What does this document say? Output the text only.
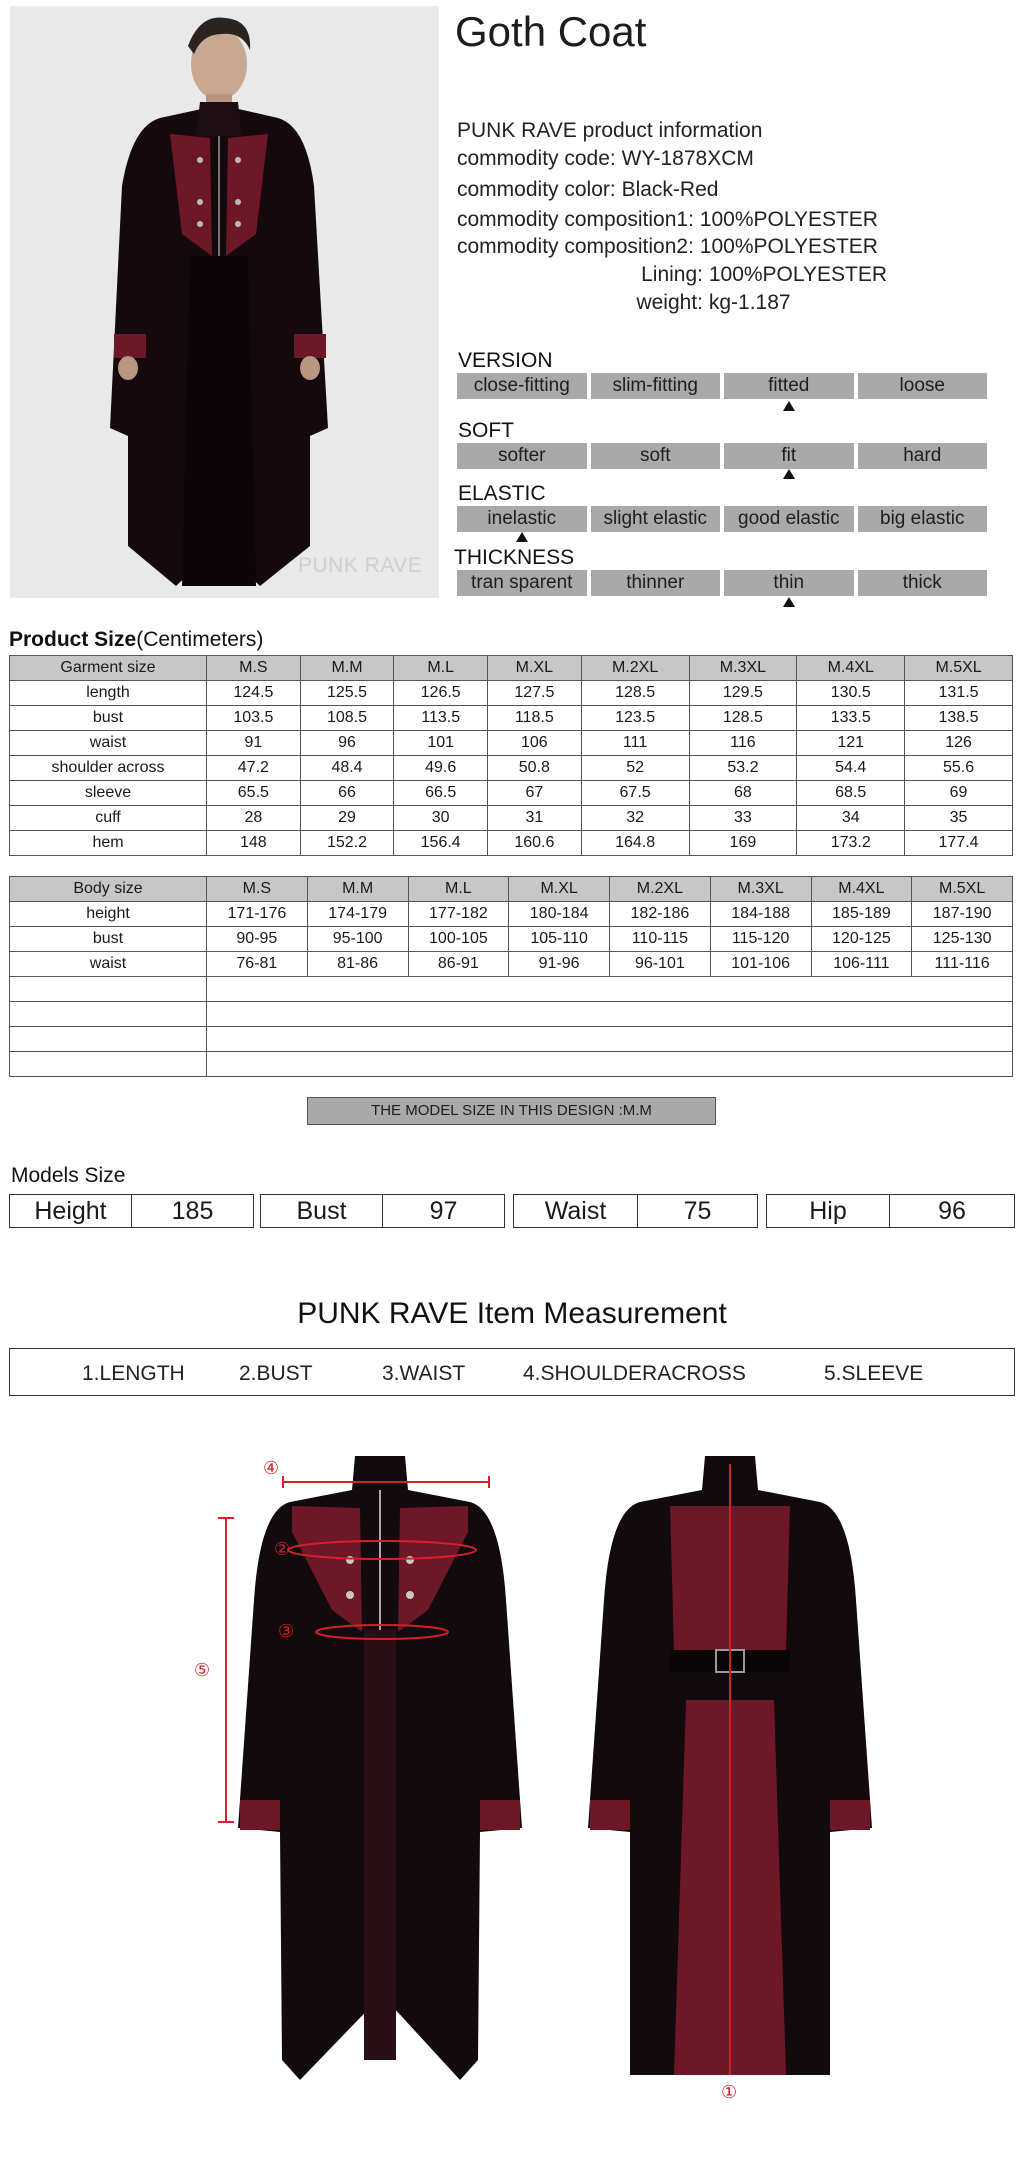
PUNK RAVE
Goth Coat
PUNK RAVE product information
commodity code: WY-1878XCM
commodity color: Black-Red
commodity composition1: 100%POLYESTER
commodity composition2: 100%POLYESTER
Lining: 100%POLYESTER
weight: kg-1.187
VERSION
close-fitting	slim-fitting	fitted	loose
SOFT
softer	soft	fit	hard
ELASTIC
inelastic	slight elastic	good elastic	big elastic
THICKNESS
tran sparent	thinner	thin	thick
Product Size(Centimeters)
Garment size	M.S	M.M	M.L	M.XL	M.2XL	M.3XL	M.4XL	M.5XL
length	124.5	125.5	126.5	127.5	128.5	129.5	130.5	131.5
bust	103.5	108.5	113.5	118.5	123.5	128.5	133.5	138.5
waist	91	96	101	106	111	116	121	126
shoulder across	47.2	48.4	49.6	50.8	52	53.2	54.4	55.6
sleeve	65.5	66	66.5	67	67.5	68	68.5	69
cuff	28	29	30	31	32	33	34	35
hem	148	152.2	156.4	160.6	164.8	169	173.2	177.4
Body size	M.S	M.M	M.L	M.XL	M.2XL	M.3XL	M.4XL	M.5XL
height	171-176	174-179	177-182	180-184	182-186	184-188	185-189	187-190
bust	90-95	95-100	100-105	105-110	110-115	115-120	120-125	125-130
waist	76-81	81-86	86-91	91-96	96-101	101-106	106-111	111-116

THE MODEL SIZE IN THIS DESIGN :M.M
Models Size
Height	185	Bust	97	Waist	75	Hip	96
PUNK RAVE Item Measurement
1.LENGTH	2.BUST	3.WAIST	4.SHOULDERACROSS	5.SLEEVE
④
②
③
⑤
①
